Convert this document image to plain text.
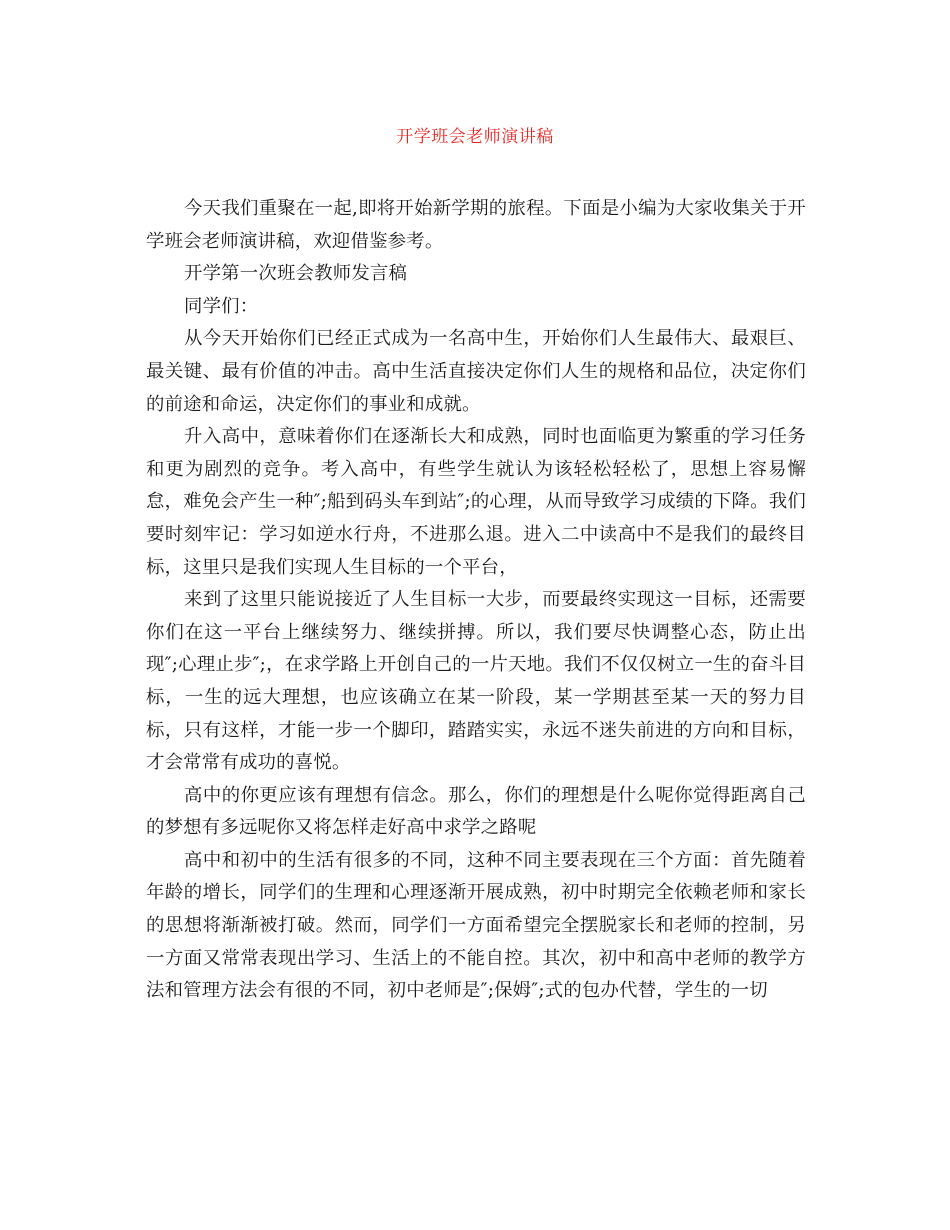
开学班会老师演讲稿

今天我们重聚在一起,即将开始新学期的旅程。下面是小编为大家收集关于开学班会老师演讲稿，欢迎借鉴参考。

开学第一次班会教师发言稿

同学们：

从今天开始你们已经正式成为一名高中生，开始你们人生最伟大、最艰巨、最关键、最有价值的冲击。高中生活直接决定你们人生的规格和品位，决定你们的前途和命运，决定你们的事业和成就。

升入高中，意味着你们在逐渐长大和成熟，同时也面临更为繁重的学习任务和更为剧烈的竞争。考入高中，有些学生就认为该轻松轻松了，思想上容易懈怠，难免会产生一种″;船到码头车到站″;的心理，从而导致学习成绩的下降。我们要时刻牢记：学习如逆水行舟，不进那么退。进入二中读高中不是我们的最终目标，这里只是我们实现人生目标的一个平台，

来到了这里只能说接近了人生目标一大步，而要最终实现这一目标，还需要你们在这一平台上继续努力、继续拼搏。所以，我们要尽快调整心态，防止出现″;心理止步″;，在求学路上开创自己的一片天地。我们不仅仅树立一生的奋斗目标，一生的远大理想，也应该确立在某一阶段，某一学期甚至某一天的努力目标，只有这样，才能一步一个脚印，踏踏实实，永远不迷失前进的方向和目标，才会常常有成功的喜悦。

高中的你更应该有理想有信念。那么，你们的理想是什么呢你觉得距离自己的梦想有多远呢你又将怎样走好高中求学之路呢

高中和初中的生活有很多的不同，这种不同主要表现在三个方面：首先随着年龄的增长，同学们的生理和心理逐渐开展成熟，初中时期完全依赖老师和家长的思想将渐渐被打破。然而，同学们一方面希望完全摆脱家长和老师的控制，另一方面又常常表现出学习、生活上的不能自控。其次，初中和高中老师的教学方法和管理方法会有很的不同，初中老师是″;保姆″;式的包办代替，学生的一切
